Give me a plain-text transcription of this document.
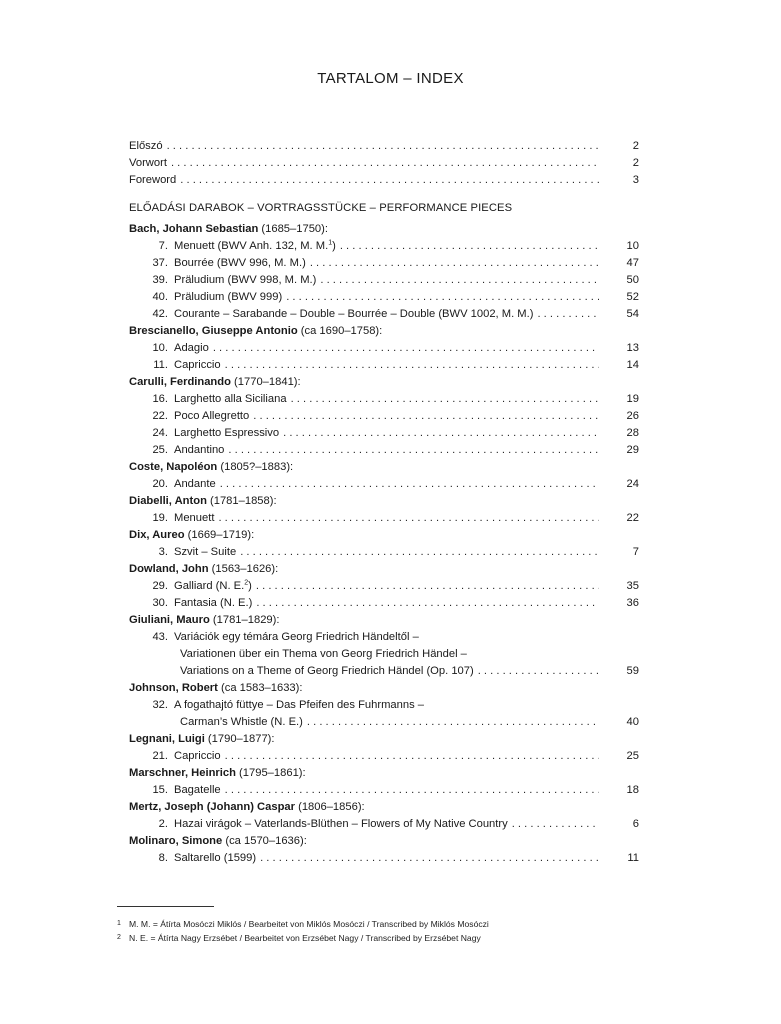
TARTALOM – INDEX
Előszó . . .	2
Vorwort . . .	2
Foreword . . .	3
ELŐADÁSI DARABOK – VORTRAGSSTÜCKE – PERFORMANCE PIECES
Bach, Johann Sebastian (1685–1750):
7. Menuett (BWV Anh. 132, M. M.$^1$) . . .	10
37. Bourrée (BWV 996, M. M.) . . .	47
39. Präludium (BWV 998, M. M.) . . .	50
40. Präludium (BWV 999) . . .	52
42. Courante – Sarabande – Double – Bourrée – Double (BWV 1002, M. M.) . . .	54
Brescianello, Giuseppe Antonio (ca 1690–1758):
10. Adagio . . .	13
11. Capriccio . . .	14
Carulli, Ferdinando (1770–1841):
16. Larghetto alla Siciliana . . .	19
22. Poco Allegretto . . .	26
24. Larghetto Espressivo . . .	28
25. Andantino . . .	29
Coste, Napoléon (1805?–1883):
20. Andante . . .	24
Diabelli, Anton (1781–1858):
19. Menuett . . .	22
Dix, Aureo (1669–1719):
3. Szvit – Suite . . .	7
Dowland, John (1563–1626):
29. Galliard (N. E.$^2$) . . .	35
30. Fantasia (N. E.) . . .	36
Giuliani, Mauro (1781–1829):
43. Variációk egy témára Georg Friedrich Händeltől –
Variationen über ein Thema von Georg Friedrich Händel –
Variations on a Theme of Georg Friedrich Händel (Op. 107) . . .	59
Johnson, Robert (ca 1583–1633):
32. A fogathajtó füttye – Das Pfeifen des Fuhrmanns –
Carman’s Whistle (N. E.) . . .	40
Legnani, Luigi (1790–1877):
21. Capriccio . . .	25
Marschner, Heinrich (1795–1861):
15. Bagatelle . . .	18
Mertz, Joseph (Johann) Caspar (1806–1856):
2. Hazai virágok – Vaterlands-Blüthen – Flowers of My Native Country . . .	6
Molinaro, Simone (ca 1570–1636):
8. Saltarello (1599) . . .	11
1 M. M. = Átírta Mosóczi Miklós / Bearbeitet von Miklós Mosóczi / Transcribed by Miklós Mosóczi
2 N. E. = Átírta Nagy Erzsébet / Bearbeitet von Erzsébet Nagy / Transcribed by Erzsébet Nagy
